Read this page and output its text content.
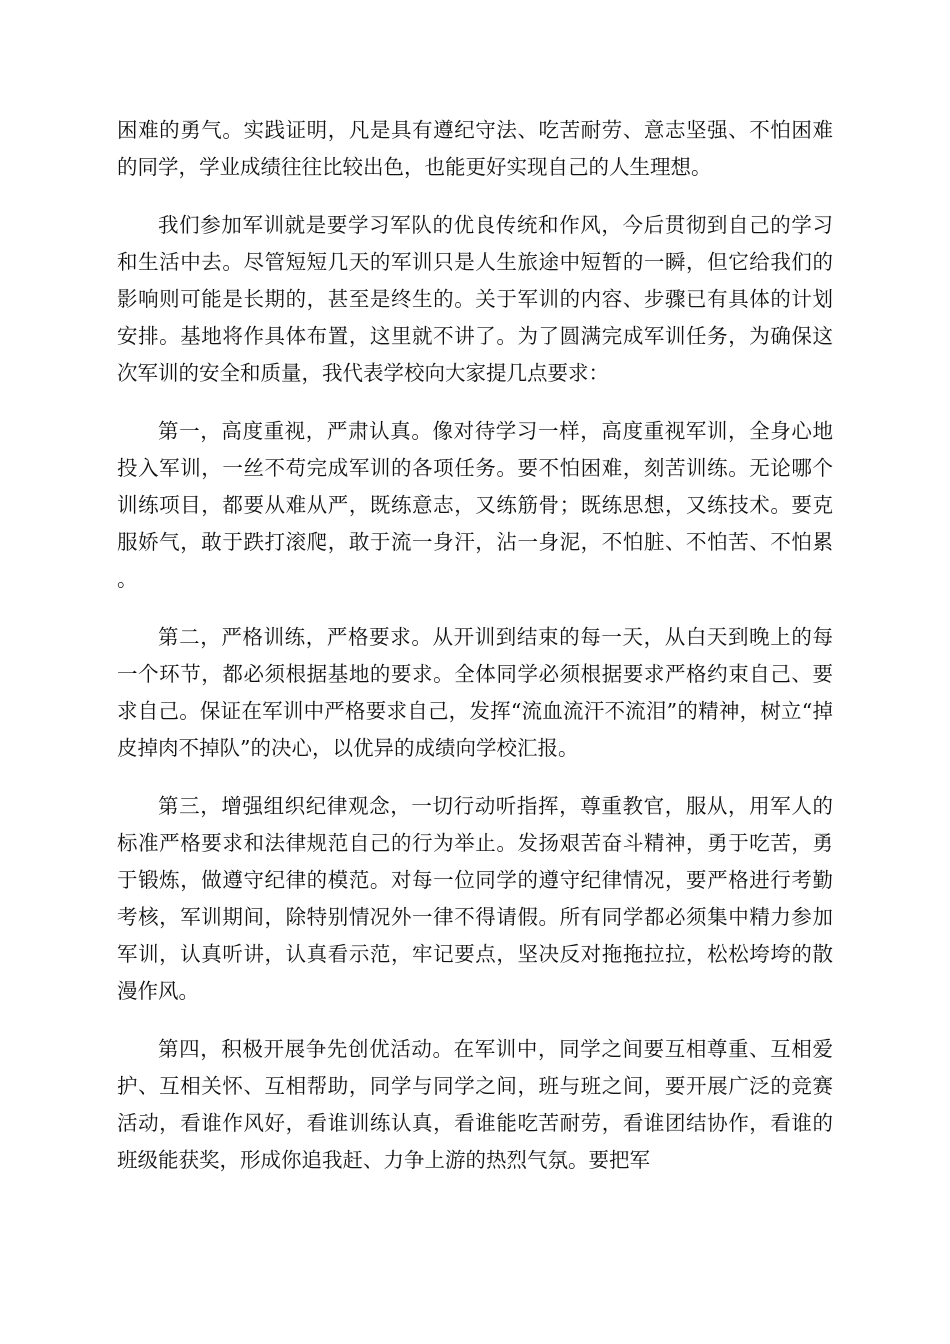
困难的勇气。实践证明，凡是具有遵纪守法、吃苦耐劳、意志坚强、不怕困难的同学，学业成绩往往比较出色，也能更好实现自己的人生理想。

我们参加军训就是要学习军队的优良传统和作风，今后贯彻到自己的学习和生活中去。尽管短短几天的军训只是人生旅途中短暂的一瞬，但它给我们的影响则可能是长期的，甚至是终生的。关于军训的内容、步骤已有具体的计划安排。基地将作具体布置，这里就不讲了。为了圆满完成军训任务，为确保这次军训的安全和质量，我代表学校向大家提几点要求：

第一，高度重视，严肃认真。像对待学习一样，高度重视军训，全身心地投入军训，一丝不苟完成军训的各项任务。要不怕困难，刻苦训练。无论哪个训练项目，都要从难从严，既练意志，又练筋骨；既练思想，又练技术。要克服娇气，敢于跌打滚爬，敢于流一身汗，沾一身泥，不怕脏、不怕苦、不怕累。

第二，严格训练，严格要求。从开训到结束的每一天，从白天到晚上的每一个环节，都必须根据基地的要求。全体同学必须根据要求严格约束自己、要求自己。保证在军训中严格要求自己，发挥“流血流汗不流泪”的精神，树立“掉皮掉肉不掉队”的决心，以优异的成绩向学校汇报。

第三，增强组织纪律观念，一切行动听指挥，尊重教官，服从，用军人的标准严格要求和法律规范自己的行为举止。发扬艰苦奋斗精神，勇于吃苦，勇于锻炼，做遵守纪律的模范。对每一位同学的遵守纪律情况，要严格进行考勤考核，军训期间，除特别情况外一律不得请假。所有同学都必须集中精力参加军训，认真听讲，认真看示范，牢记要点，坚决反对拖拖拉拉，松松垮垮的散漫作风。

第四，积极开展争先创优活动。在军训中，同学之间要互相尊重、互相爱护、互相关怀、互相帮助，同学与同学之间，班与班之间，要开展广泛的竞赛活动，看谁作风好，看谁训练认真，看谁能吃苦耐劳，看谁团结协作，看谁的班级能获奖，形成你追我赶、力争上游的热烈气氛。要把军
